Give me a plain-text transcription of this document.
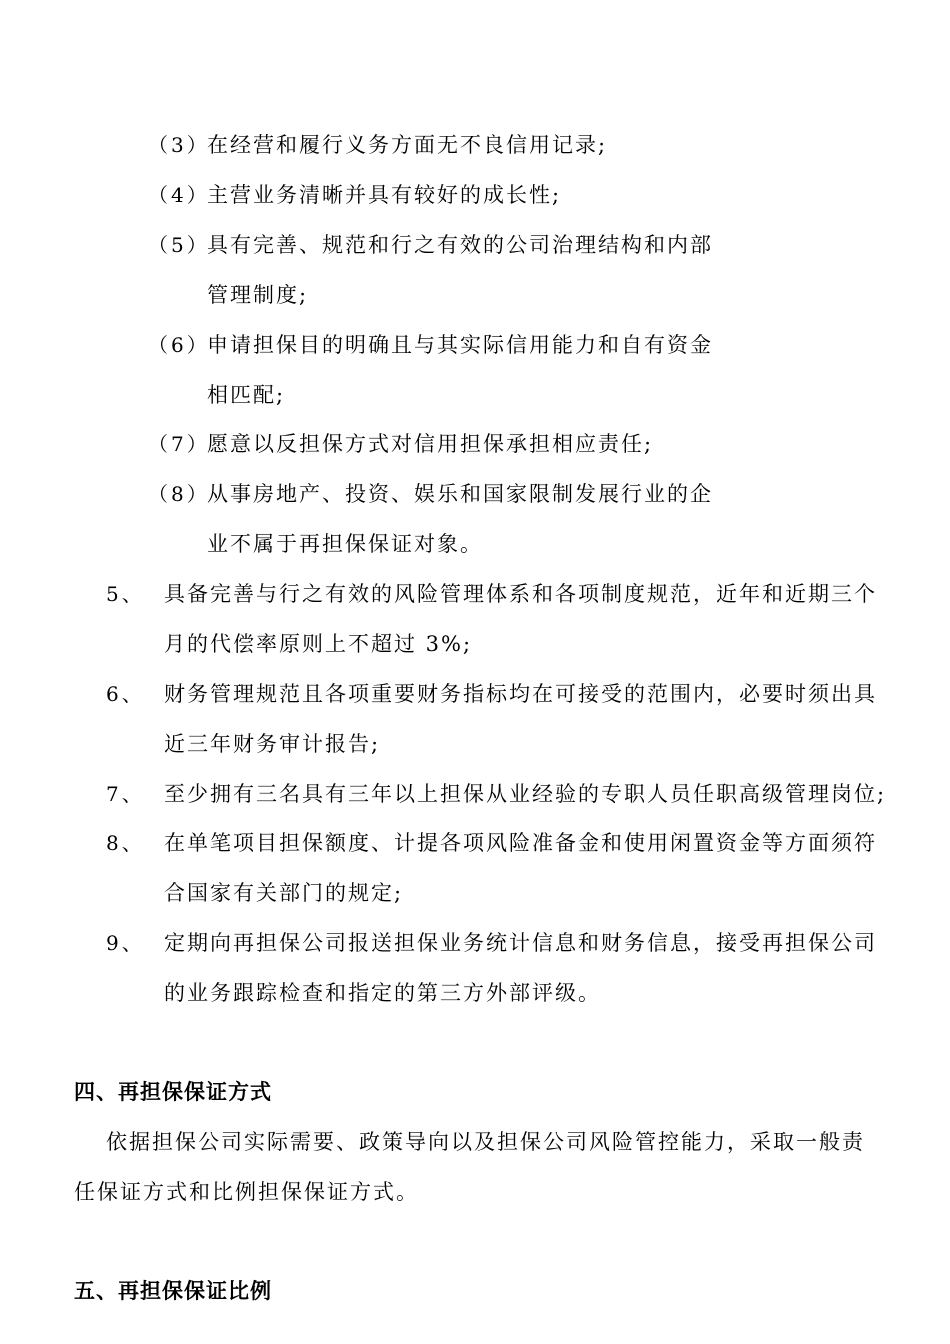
（3）
在经营和履行义务方面无不良信用记录;
（4）
主营业务清晰并具有较好的成长性;
（5）
具有完善、规范和行之有效的公司治理结构和内部
管理制度;
（6）
申请担保目的明确且与其实际信用能力和自有资金
相匹配;
（7）
愿意以反担保方式对信用担保承担相应责任;
（8）
从事房地产、投资、娱乐和国家限制发展行业的企
业不属于再担保保证对象。
5、 具备完善与行之有效的风险管理体系和各项制度规范，近年和近期三个
月的代偿率原则上不超过 3%;
6、 财务管理规范且各项重要财务指标均在可接受的范围内，必要时须出具
近三年财务审计报告;
7、 至少拥有三名具有三年以上担保从业经验的专职人员任职高级管理岗位;
8、 在单笔项目担保额度、计提各项风险准备金和使用闲置资金等方面须符
合国家有关部门的规定;
9、 定期向再担保公司报送担保业务统计信息和财务信息，接受再担保公司
的业务跟踪检查和指定的第三方外部评级。
四、再担保保证方式
依据担保公司实际需要、政策导向以及担保公司风险管控能力，采取一般责
任保证方式和比例担保保证方式。
五、再担保保证比例
